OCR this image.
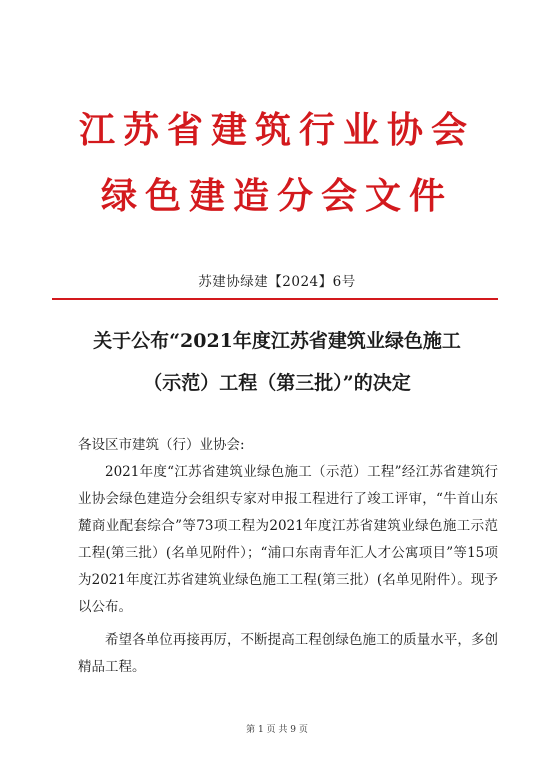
江苏省建筑行业协会
绿色建造分会文件
苏建协绿建【2024】6号
关于公布“2021年度江苏省建筑业绿色施工
（示范）工程（第三批）”的决定

各设区市建筑（行）业协会:

2021年度“江苏省建筑业绿色施工（示范）工程”经江苏省建筑行业协会绿色建造分会组织专家对申报工程进行了竣工评审，“牛首山东麓商业配套综合”等73项工程为2021年度江苏省建筑业绿色施工示范工程(第三批）(名单见附件）；“浦口东南青年汇人才公寓项目”等15项为2021年度江苏省建筑业绿色施工工程(第三批）(名单见附件）。现予以公布。

希望各单位再接再厉，不断提高工程创绿色施工的质量水平，多创精品工程。

第 1 页 共 9 页
